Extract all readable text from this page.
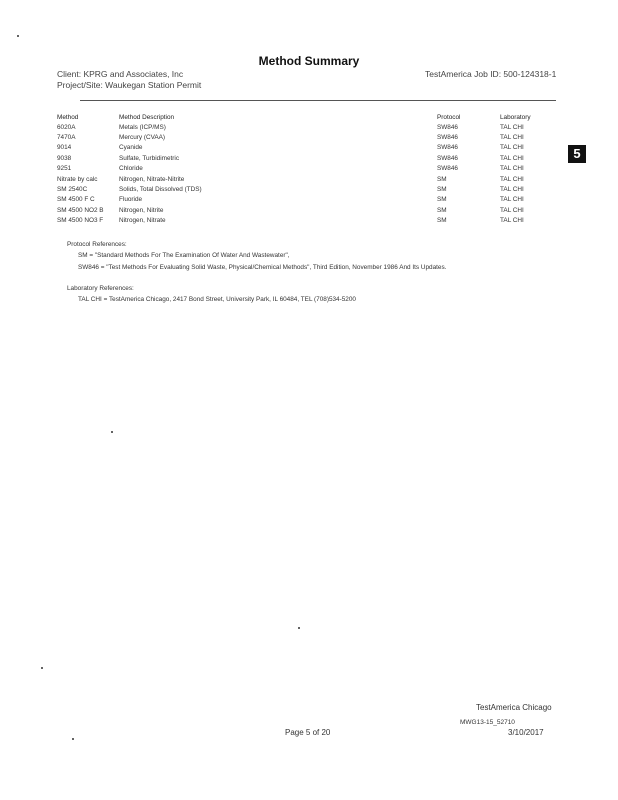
Method Summary
Client: KPRG and Associates, Inc	TestAmerica Job ID: 500-124318-1
Project/Site: Waukegan Station Permit
5
Method	Method Description	Protocol	Laboratory
6020A	Metals (ICP/MS)	SW846	TAL CHI
7470A	Mercury (CVAA)	SW846	TAL CHI
9014	Cyanide	SW846	TAL CHI
9038	Sulfate, Turbidimetric	SW846	TAL CHI
9251	Chloride	SW846	TAL CHI
Nitrate by calc	Nitrogen, Nitrate-Nitrite	SM	TAL CHI
SM 2540C	Solids, Total Dissolved (TDS)	SM	TAL CHI
SM 4500 F C	Fluoride	SM	TAL CHI
SM 4500 NO2 B	Nitrogen, Nitrite	SM	TAL CHI
SM 4500 NO3 F	Nitrogen, Nitrate	SM	TAL CHI
Protocol References:
SM = "Standard Methods For The Examination Of Water And Wastewater",
SW846 = "Test Methods For Evaluating Solid Waste, Physical/Chemical Methods", Third Edition, November 1986 And Its Updates.
Laboratory References:
TAL CHI = TestAmerica Chicago, 2417 Bond Street, University Park, IL 60484, TEL (708)534-5200
TestAmerica Chicago
MWG13-15_52710
Page 5 of 20	3/10/2017
